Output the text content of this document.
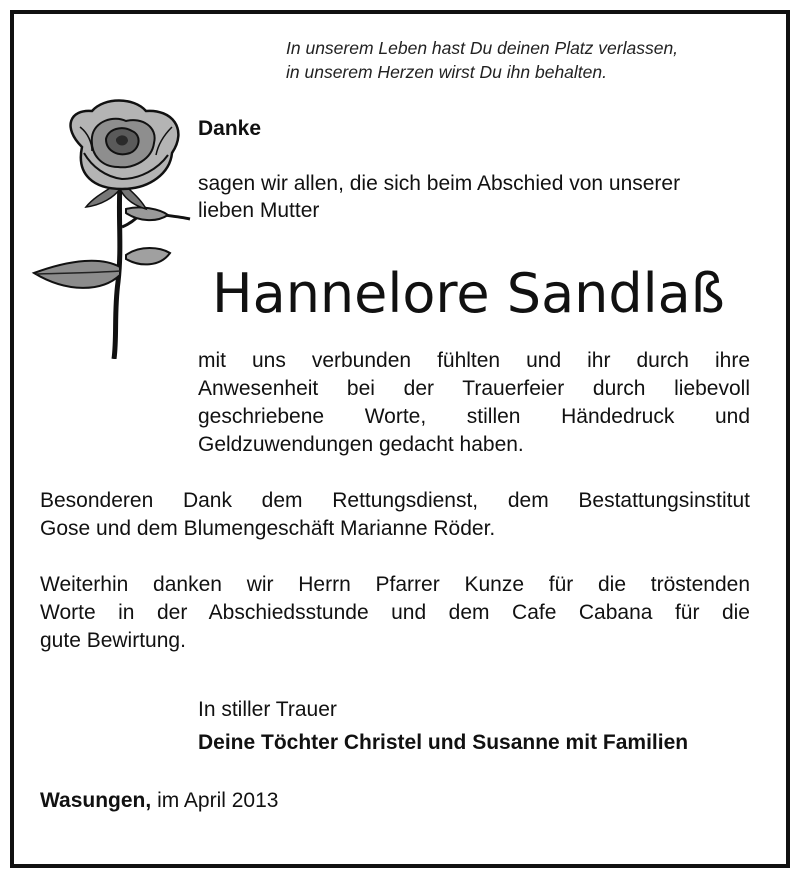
In unserem Leben hast Du deinen Platz verlassen,
in unserem Herzen wirst Du ihn behalten.
Danke
sagen wir allen, die sich beim Abschied von unserer
lieben Mutter
Hannelore Sandlaß
mit uns verbunden fühlten und ihr durch ihre
Anwesenheit bei der Trauerfeier durch liebevoll
geschriebene Worte, stillen Händedruck und
Geldzuwendungen gedacht haben.
Besonderen Dank dem Rettungsdienst, dem Bestattungsinstitut
Gose und dem Blumengeschäft Marianne Röder.
Weiterhin danken wir Herrn Pfarrer Kunze für die tröstenden
Worte in der Abschiedsstunde und dem Cafe Cabana für die
gute Bewirtung.
In stiller Trauer
Deine Töchter Christel und Susanne mit Familien
Wasungen, im April 2013
